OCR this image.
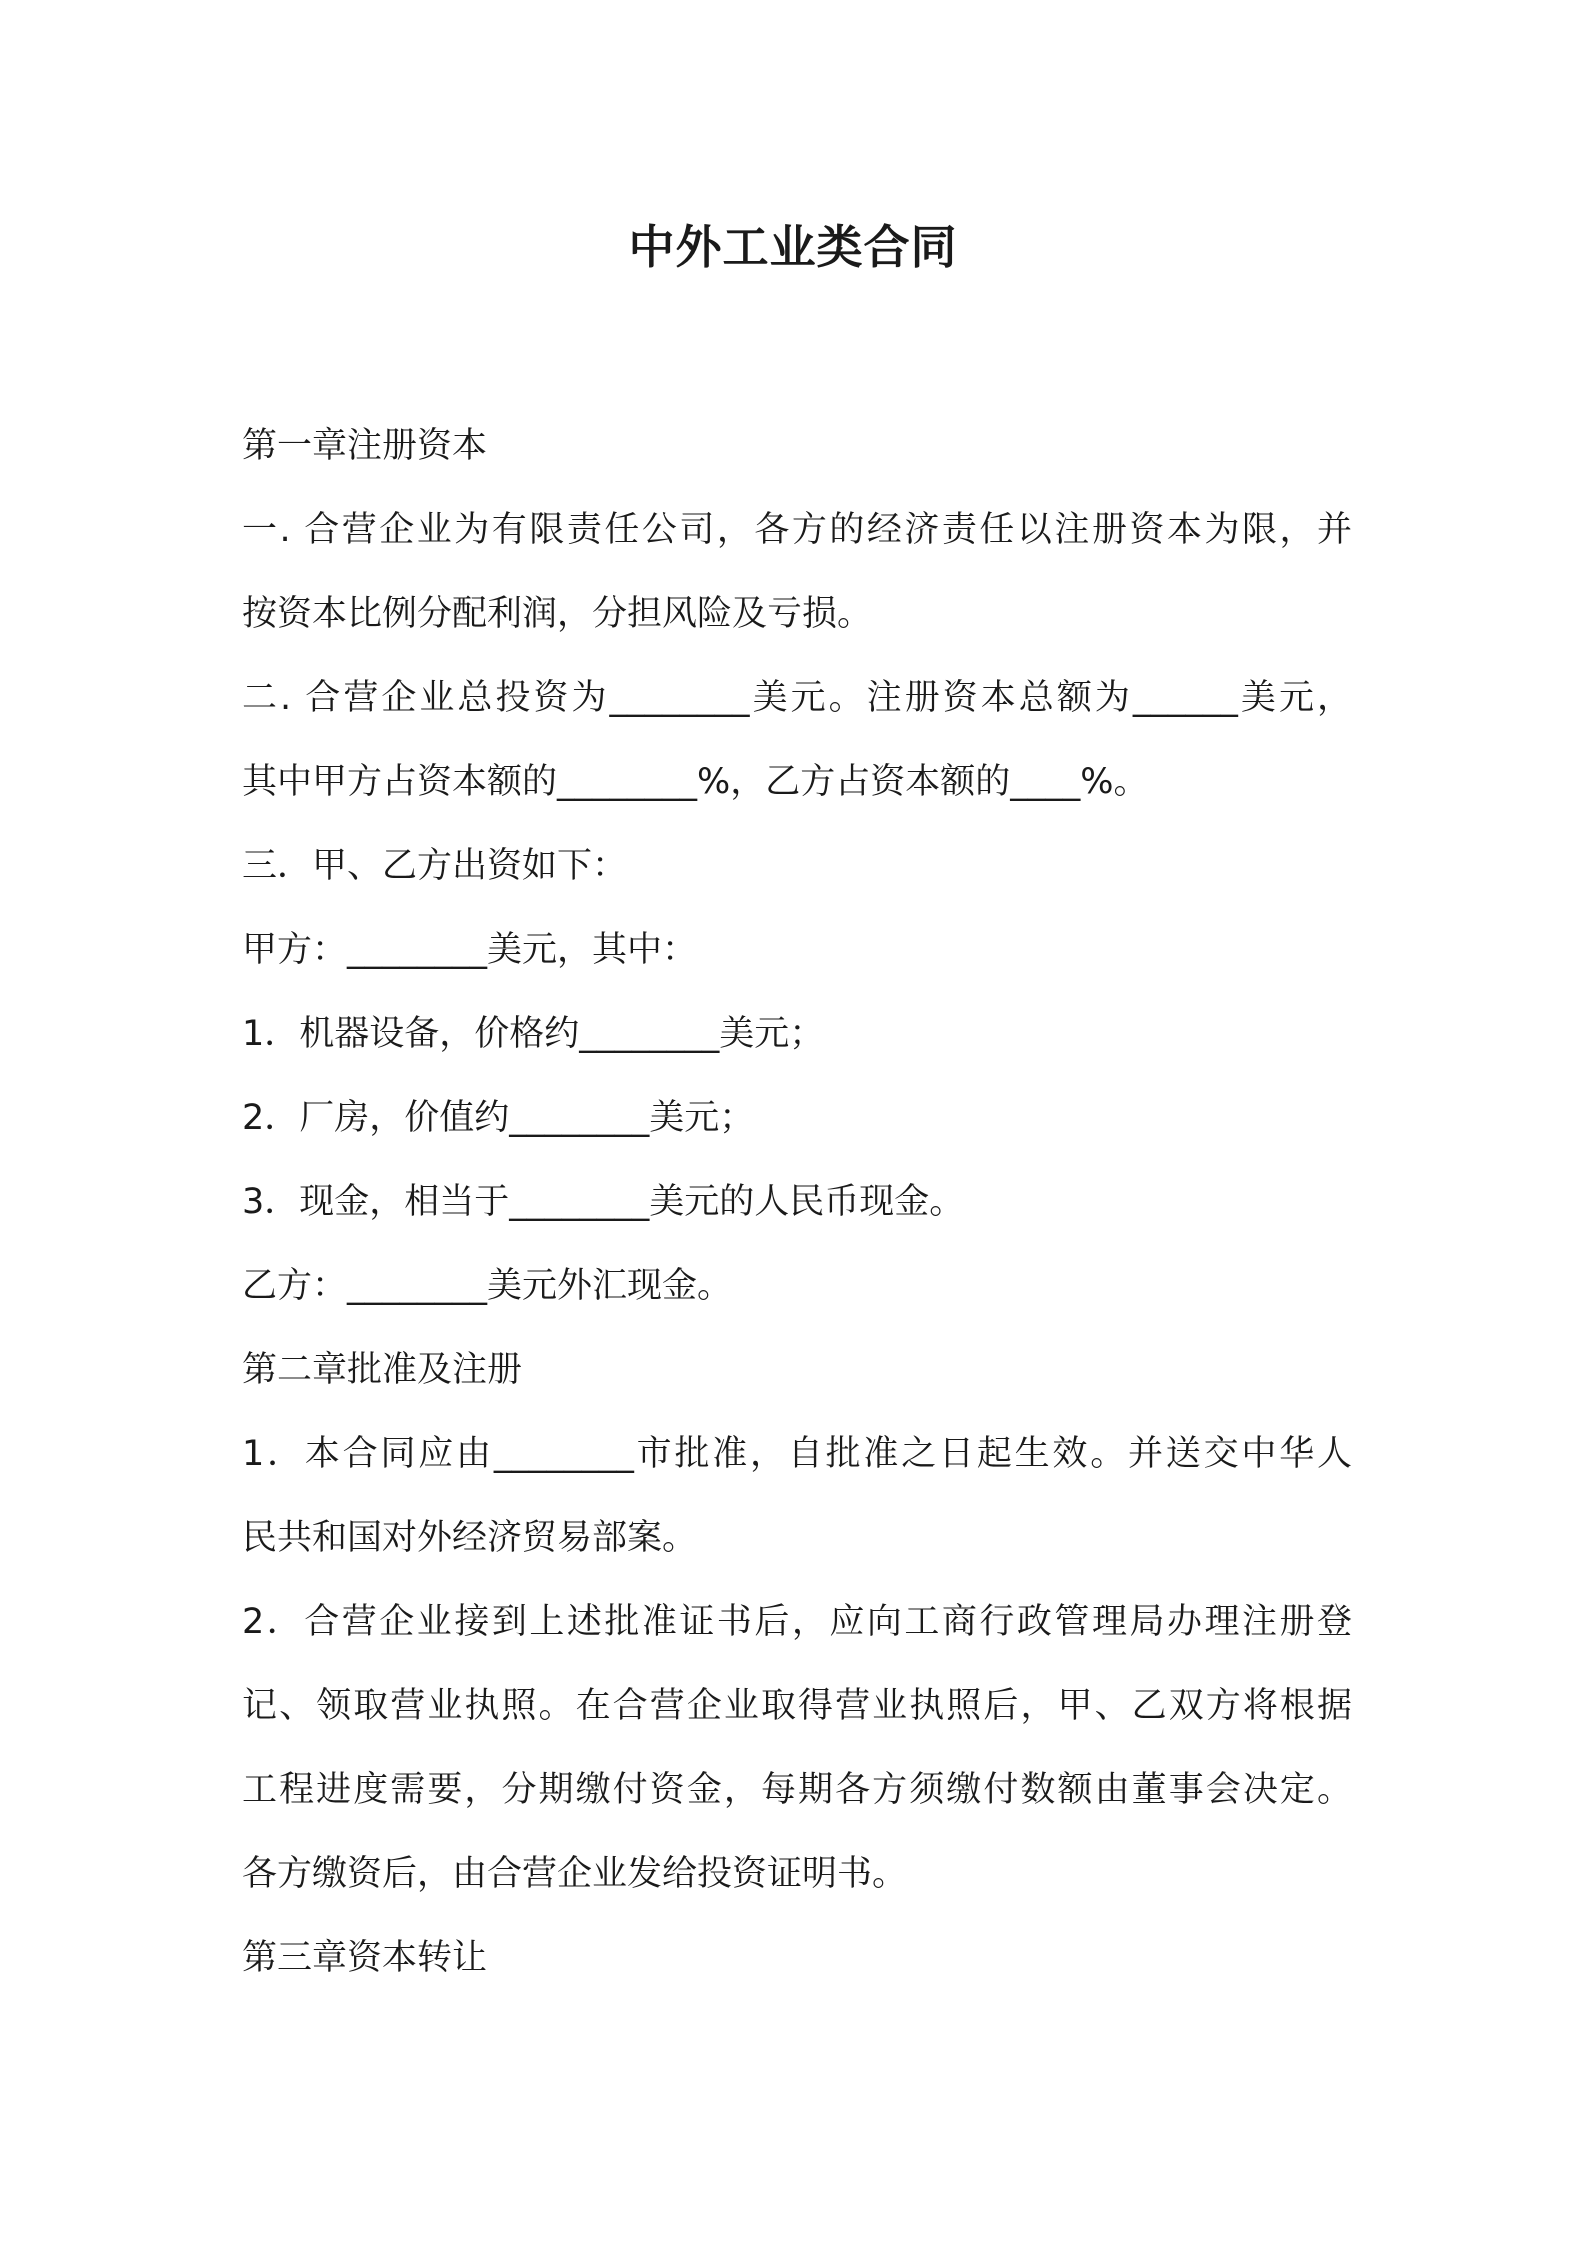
中外工业类合同
第一章注册资本
一. 合营企业为有限责任公司，各方的经济责任以注册资本为限，并
按资本比例分配利润，分担风险及亏损。
二. 合营企业总投资为________美元。注册资本总额为______美元，
其中甲方占资本额的________%，乙方占资本额的____%。
三．甲、乙方出资如下：
甲方：________美元，其中：
1．机器设备，价格约________美元；
2．厂房，价值约________美元；
3．现金，相当于________美元的人民币现金。
乙方：________美元外汇现金。
第二章批准及注册
1．本合同应由________市批准，自批准之日起生效。并送交中华人
民共和国对外经济贸易部案。
2．合营企业接到上述批准证书后，应向工商行政管理局办理注册登
记、领取营业执照。在合营企业取得营业执照后，甲、乙双方将根据
工程进度需要，分期缴付资金，每期各方须缴付数额由董事会决定。
各方缴资后，由合营企业发给投资证明书。
第三章资本转让
